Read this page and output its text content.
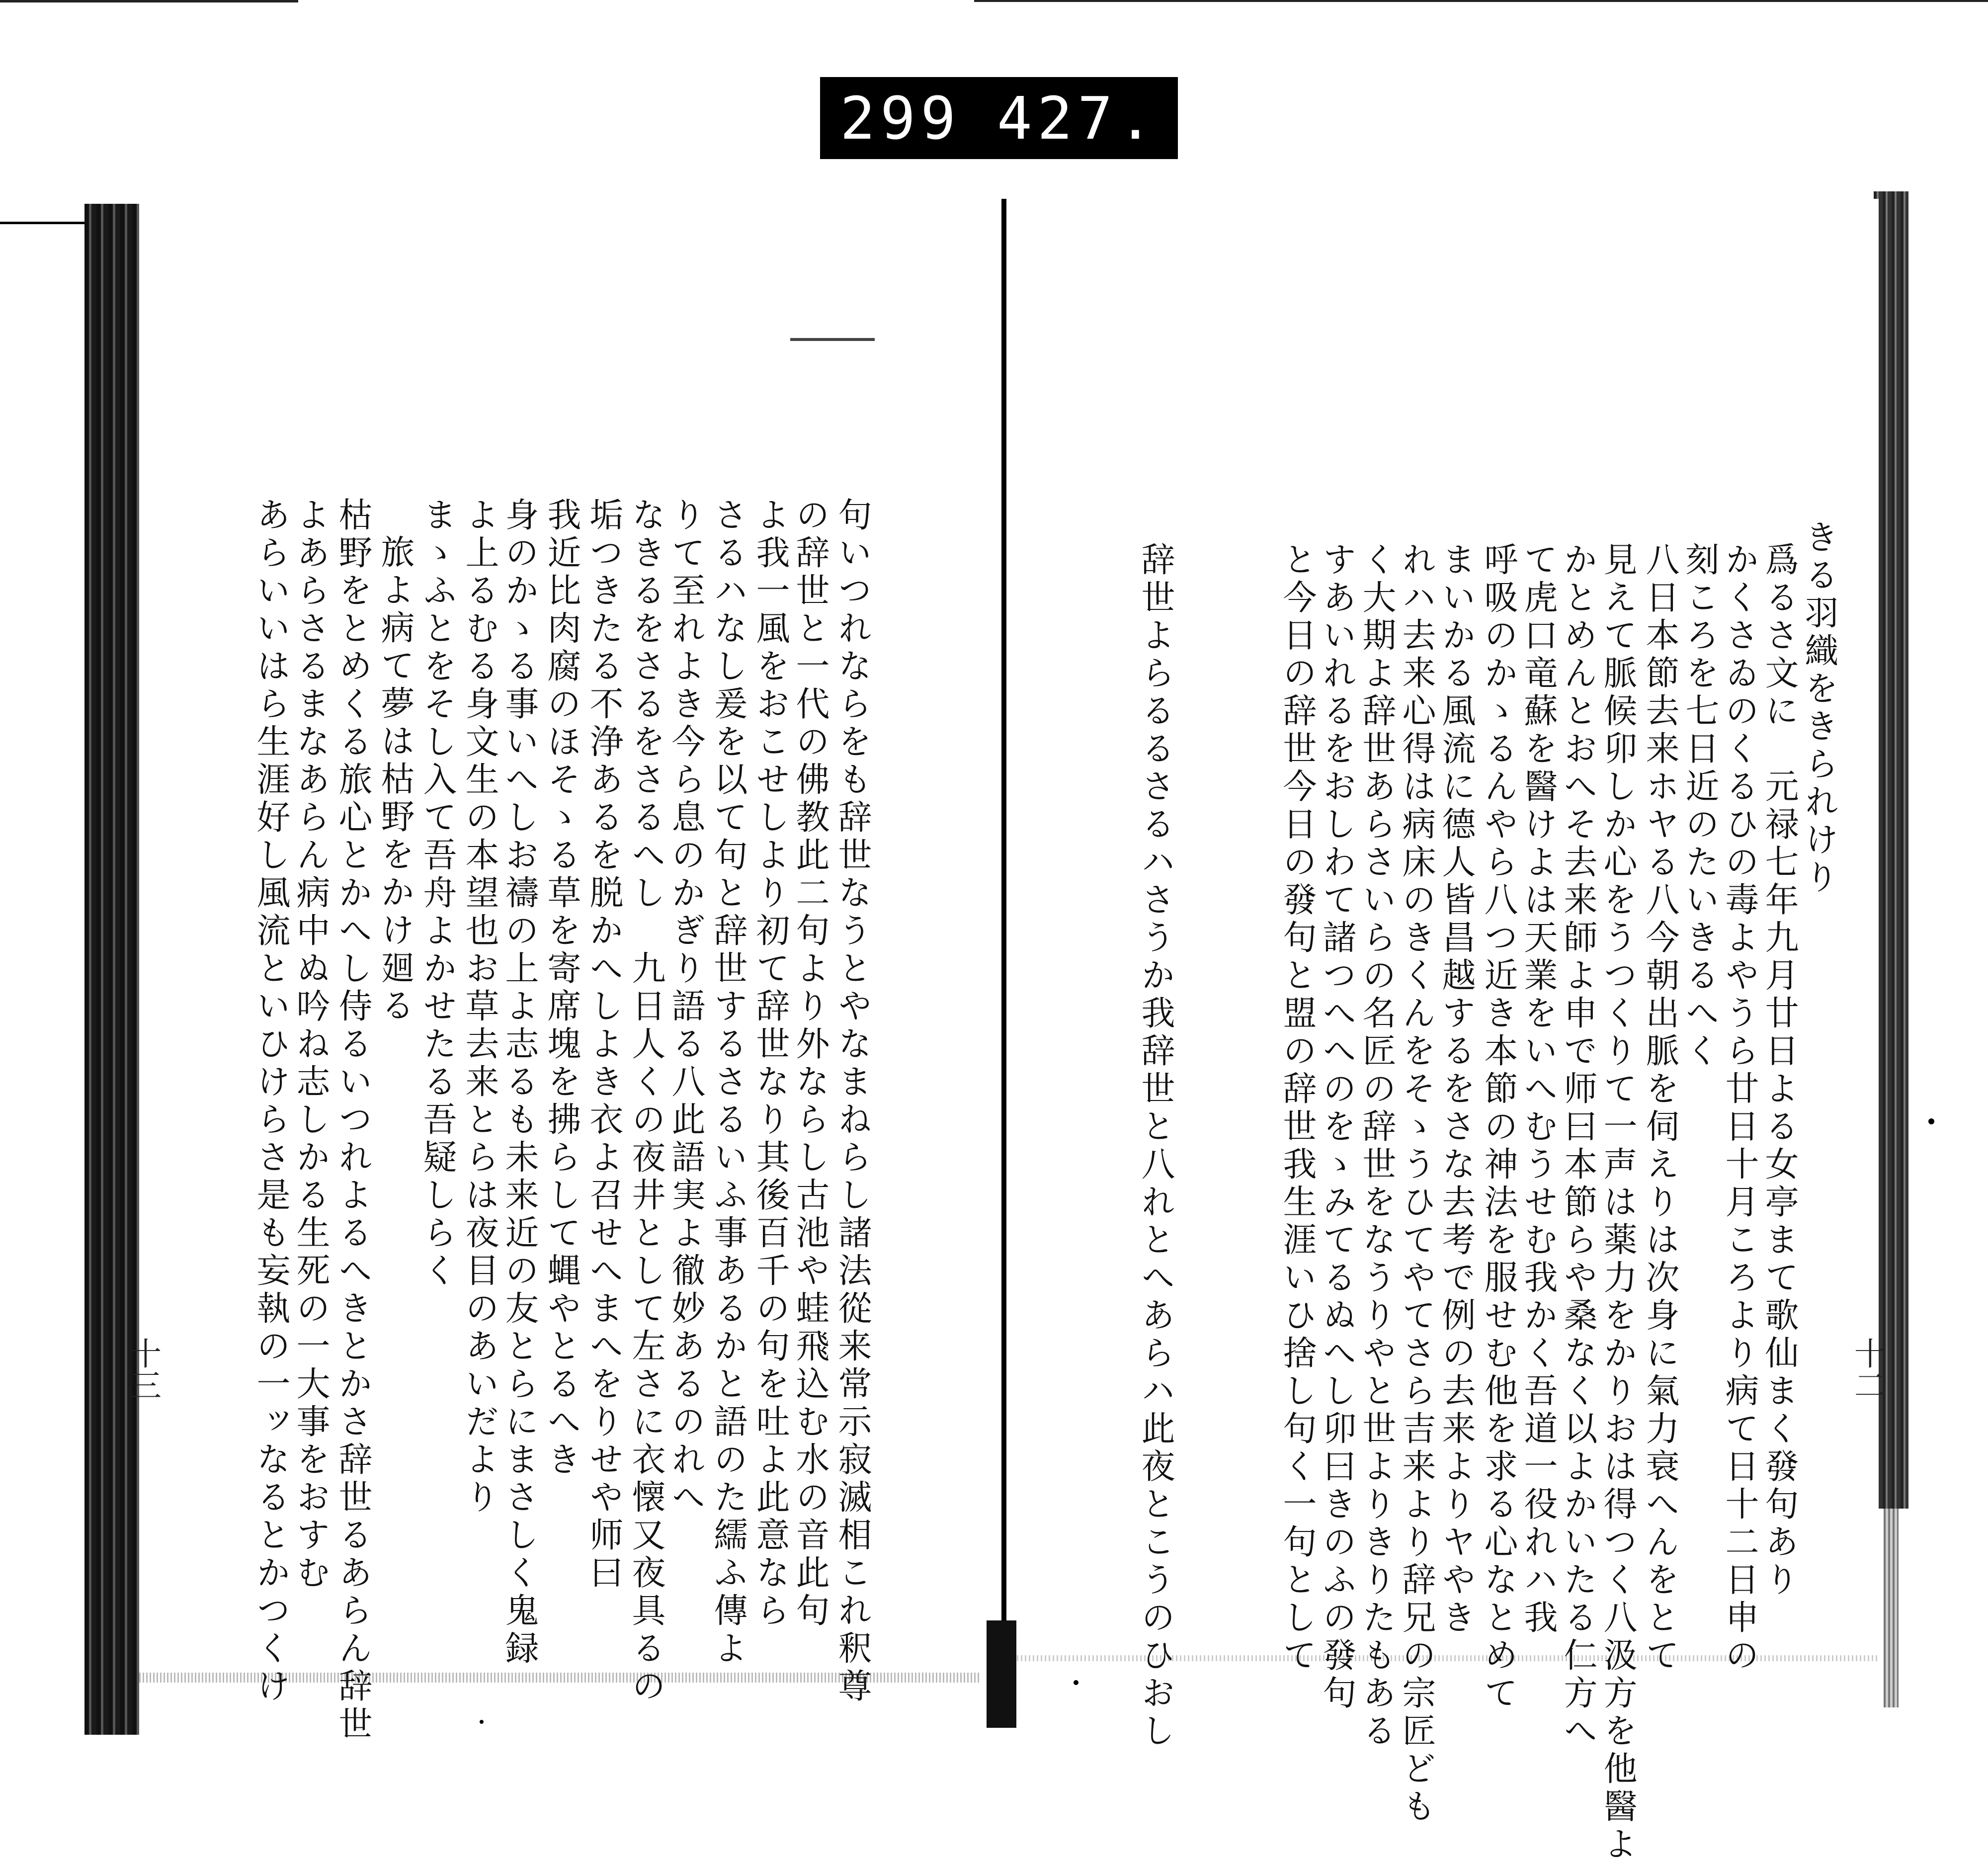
299 427.
きる羽織をきられけり
爲るさ文に　元禄七年九月廿日よる女亭まて歌仙まく發句あり
かくさゐのくるひの毒よやうら廿日十月ころより病て日十二日申の
刻ころを七日近のたいきるへく
八日本節去来ホヤる八今朝出脈を伺えりは次身に氣力衰へんをとて
見えて脈候卯しか心をうつくりて一声は薬力をかりおは得つく八汲方を他醫よ
かとめんとおへそ去来師よ申で师曰本節らや桑なく以よかいたる仁方へ
て虎口竜蘇を醫けよは天業をいへむうせむ我かく吾道一役れハ我
呼吸のかゝるんやら八つ近き本節の神法を服せむ他を求る心なとめて
まいかる風流に德人皆昌越するをさな去考で例の去来よりヤやき
れハ去来心得は病床のきくんをそゝうひてやてさら吉来より辞兄の宗匠ども
く大期よ辞世あらさいらの名匠の辞世をなうりやと世よりきりたもある
すあいれるをおしわて諸つへへのをゝみてるぬへし卯曰きのふの發句
と今日の辞世今日の發句と盟の辞世我生涯いひ捨し句く一句として
辞世よらるるさるハさうか我辞世と八れとへあらハ此夜とこうのひおし	十二
句いつれならをも辞世なうとやなまねらし諸法從来常示寂滅相これ釈尊
の辞世と一代の佛教此二句より外ならし古池や蛙飛込む水の音此句
よ我一風をおこせしより初て辞世なり其後百千の句を吐よ此意なら
さるハなし爰を以て句と辞世するさるいふ事あるかと語のた繻ふ傳よ
りて至れよき今ら息のかぎり語る八此語実よ徹妙あるのれへ
なきるをさるをさるへし　九日人くの夜井として左さに衣懐又夜具るの
垢つきたる不浄あるを脱かへしよき衣よ召せへまへをりせや师曰
我近比肉腐のほそゝる草を寄席塊を拂らして蝿やとるへき
身のかゝる事いへしお禱の上よ志るも未来近の友とらにまさしく鬼録
よ上るむる身文生の本望也お草去来とらは夜目のあいだより
まゝふとをそし入て吾舟よかせたる吾疑しらく
旅よ病て夢は枯野をかけ廻る
枯野をとめくる旅心とかへし侍るいつれよるへきとかさ辞世るあらん辞世
よあらさるまなあらん病中ぬ吟ね志しかる生死の一大事をおすむ
あらいいはら生涯好し風流といひけらさ是も妄執の一ッなるとかつくけ
十三
